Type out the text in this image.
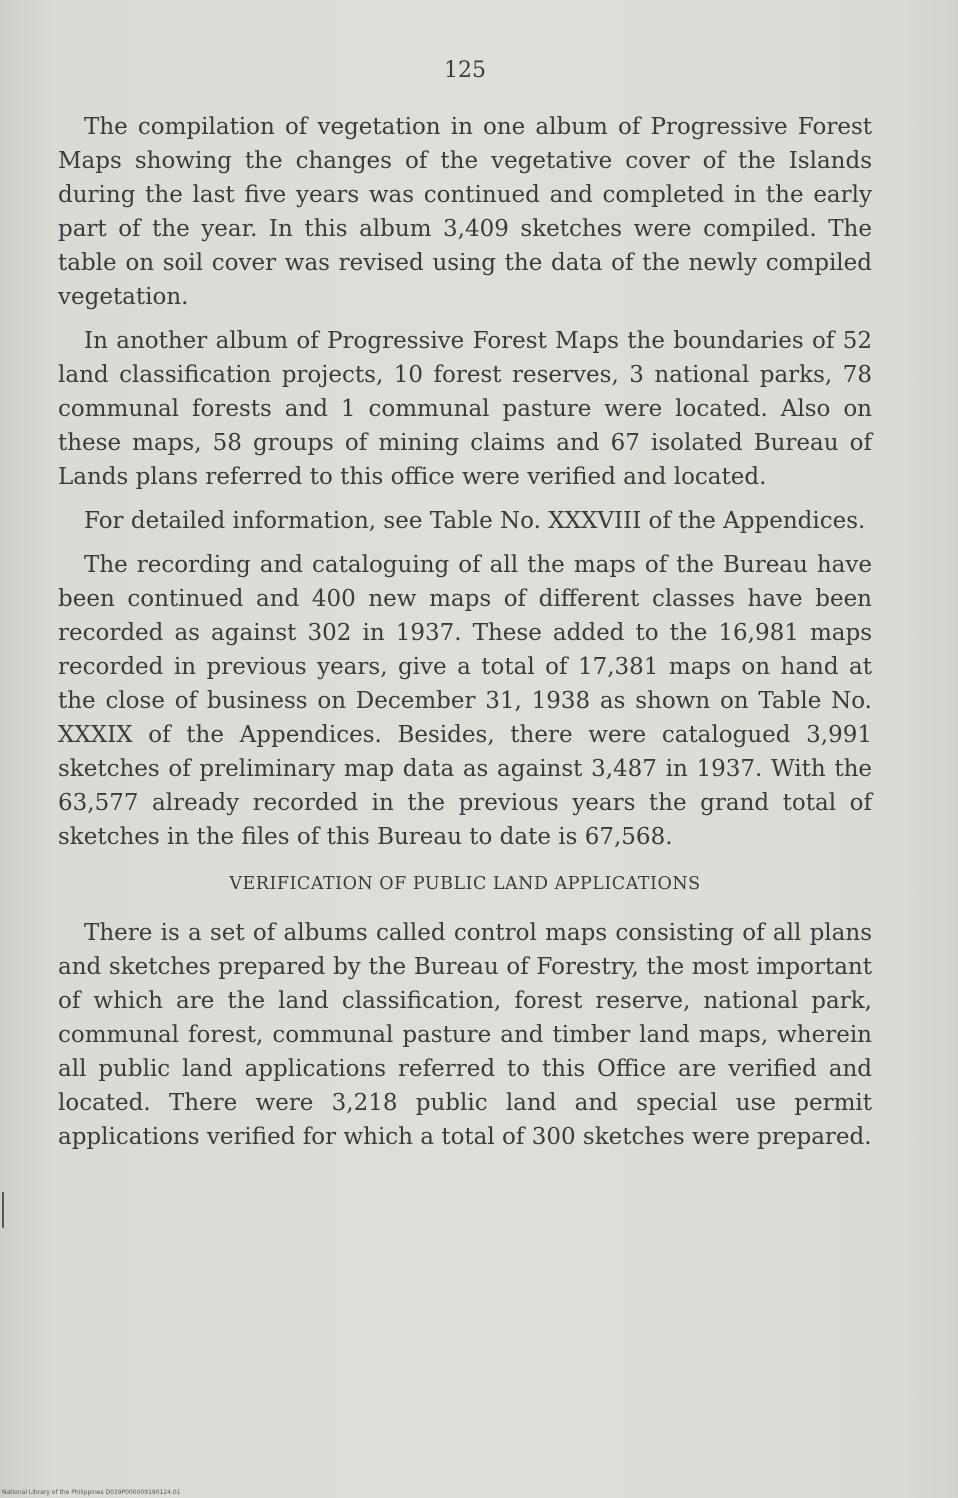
125

The compilation of vegetation in one album of Progressive Forest Maps showing the changes of the vegetative cover of the Islands during the last five years was continued and completed in the early part of the year. In this album 3,409 sketches were compiled. The table on soil cover was revised using the data of the newly compiled vegetation.

In another album of Progressive Forest Maps the boundaries of 52 land classification projects, 10 forest reserves, 3 national parks, 78 communal forests and 1 communal pasture were located. Also on these maps, 58 groups of mining claims and 67 isolated Bureau of Lands plans referred to this office were verified and located.

For detailed information, see Table No. XXXVIII of the Appendices.

The recording and cataloguing of all the maps of the Bureau have been continued and 400 new maps of different classes have been recorded as against 302 in 1937. These added to the 16,981 maps recorded in previous years, give a total of 17,381 maps on hand at the close of business on December 31, 1938 as shown on Table No. XXXIX of the Appendices. Besides, there were catalogued 3,991 sketches of preliminary map data as against 3,487 in 1937. With the 63,577 already recorded in the previous years the grand total of sketches in the files of this Bureau to date is 67,568.

VERIFICATION OF PUBLIC LAND APPLICATIONS

There is a set of albums called control maps consisting of all plans and sketches prepared by the Bureau of Forestry, the most important of which are the land classification, forest reserve, national park, communal forest, communal pasture and timber land maps, wherein all public land applications referred to this Office are verified and located. There were 3,218 public land and special use permit applications verified for which a total of 300 sketches were prepared.

National Library of the Philippines D039P000009190124.01
